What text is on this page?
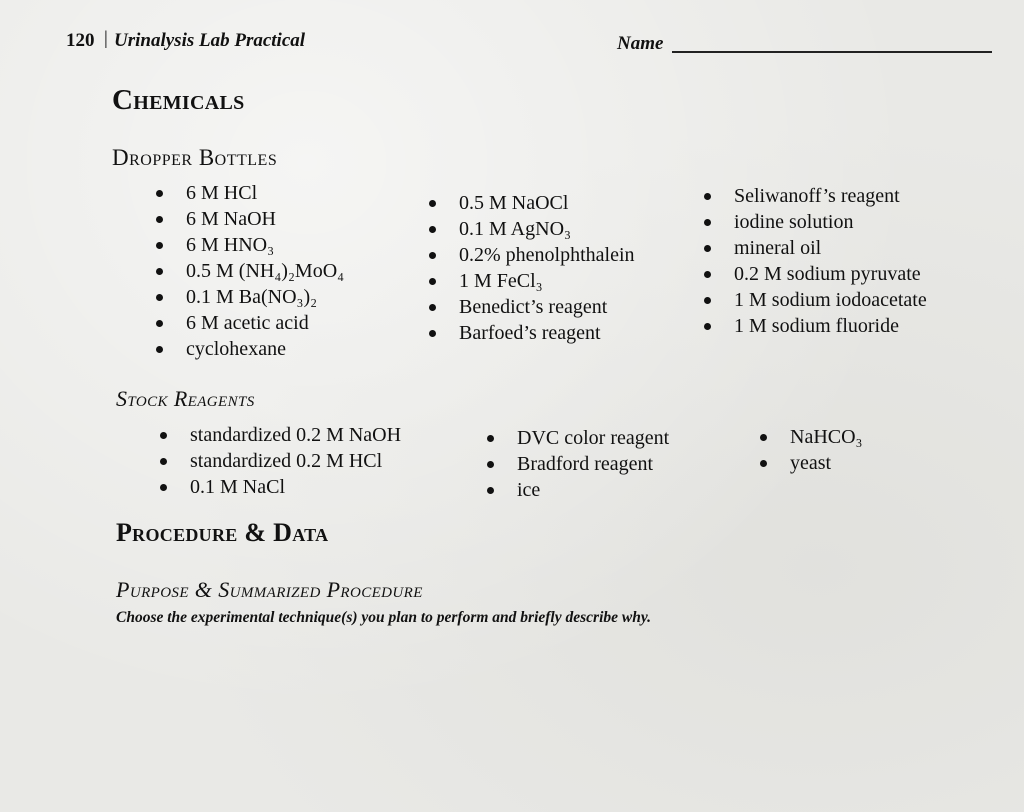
120 | Urinalysis Lab Practical	Name
Chemicals
Dropper Bottles
6 M HCl
6 M NaOH
6 M HNO₃
0.5 M (NH₄)₂MoO₄
0.1 M Ba(NO₃)₂
6 M acetic acid
cyclohexane
0.5 M NaOCl
0.1 M AgNO₃
0.2% phenolphthalein
1 M FeCl₃
Benedict’s reagent
Barfoed’s reagent
Seliwanoff’s reagent
iodine solution
mineral oil
0.2 M sodium pyruvate
1 M sodium iodoacetate
1 M sodium fluoride
Stock Reagents
standardized 0.2 M NaOH
standardized 0.2 M HCl
0.1 M NaCl
DVC color reagent
Bradford reagent
ice
NaHCO₃
yeast
Procedure & Data
Purpose & Summarized Procedure
Choose the experimental technique(s) you plan to perform and briefly describe why.
